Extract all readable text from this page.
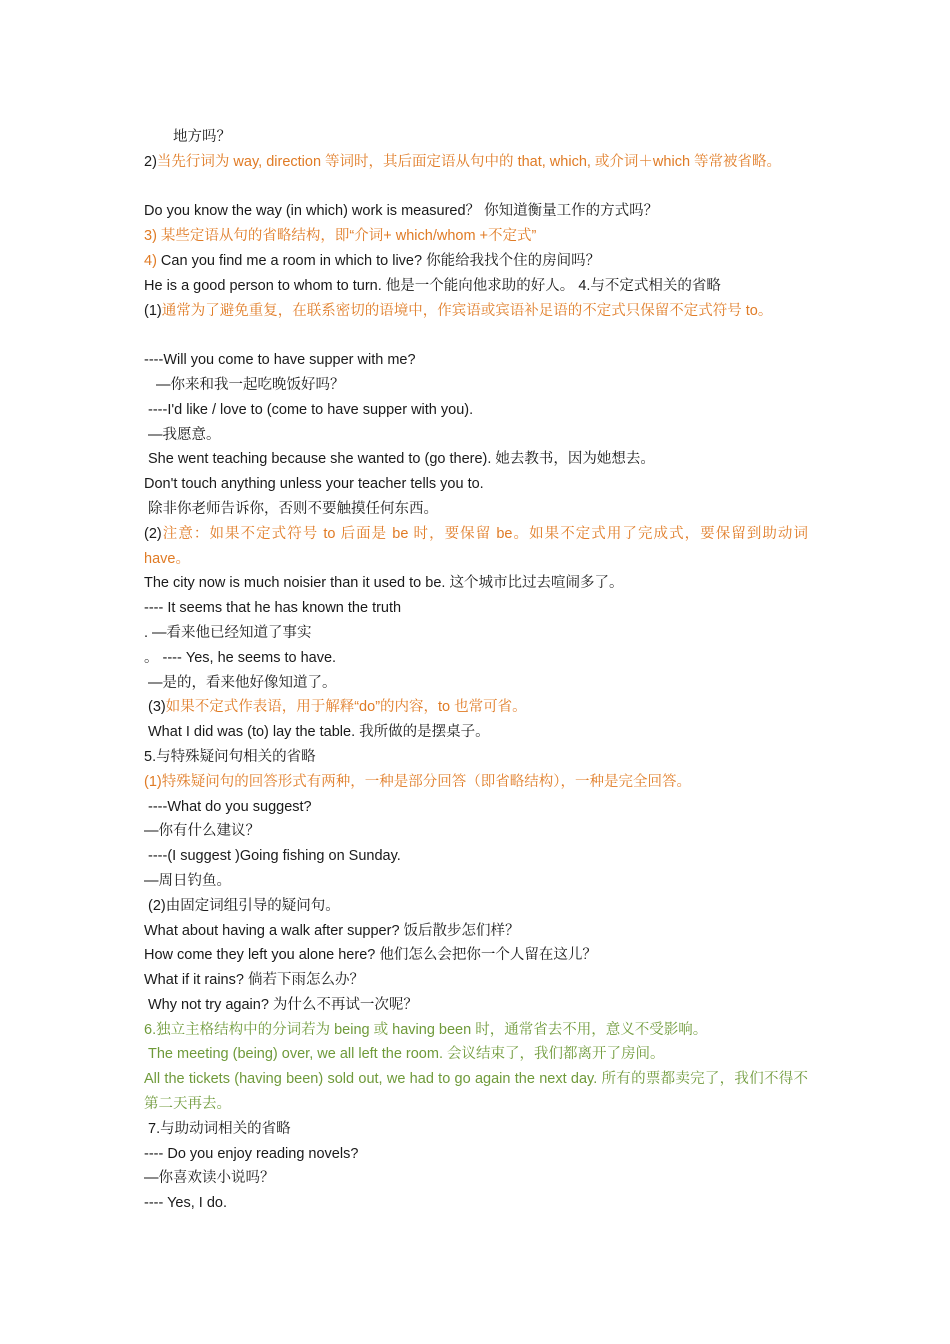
地方吗？
2)当先行词为 way, direction 等词时，其后面定语从句中的 that, which, 或介词＋which 等常被省略。
Do you know the way (in which) work is measured？ 你知道衡量工作的方式吗？
3) 某些定语从句的省略结构，即“介词+ which/whom +不定式”
4) Can you find me a room in which to live? 你能给我找个住的房间吗？
He is a good person to whom to turn. 他是一个能向他求助的好人。 4.与不定式相关的省略
(1)通常为了避免重复，在联系密切的语境中，作宾语或宾语补足语的不定式只保留不定式符号 to。
----Will you come to have supper with me?
—你来和我一起吃晚饭好吗？
----I'd like / love to (come to have supper with you).
—我愿意。
She went teaching because she wanted to (go there). 她去教书，因为她想去。
Don't touch anything unless your teacher tells you to.
除非你老师告诉你，否则不要触摸任何东西。
(2)注意：如果不定式符号 to 后面是 be 时，要保留 be。如果不定式用了完成式，要保留到助动词 have。
The city now is much noisier than it used to be. 这个城市比过去喧闹多了。
---- It seems that he has known the truth
. —看来他已经知道了事实
。 ---- Yes, he seems to have.
—是的，看来他好像知道了。
(3)如果不定式作表语，用于解释“do”的内容，to 也常可省。
What I did was (to) lay the table. 我所做的是摆桌子。
5.与特殊疑问句相关的省略
(1)特殊疑问句的回答形式有两种，一种是部分回答（即省略结构），一种是完全回答。
----What do you suggest?
—你有什么建议？
----(I suggest )Going fishing on Sunday.
—周日钓鱼。
(2)由固定词组引导的疑问句。
What about having a walk after supper? 饭后散步怎们样？
How come they left you alone here? 他们怎么会把你一个人留在这儿？
What if it rains? 倘若下雨怎么办？
Why not try again? 为什么不再试一次呢？
6.独立主格结构中的分词若为 being 或 having been 时，通常省去不用，意义不受影响。
The meeting (being) over, we all left the room. 会议结束了，我们都离开了房间。
All the tickets (having been) sold out, we had to go again the next day. 所有的票都卖完了，我们不得不第二天再去。
7.与助动词相关的省略
---- Do you enjoy reading novels?
—你喜欢读小说吗？
---- Yes, I do.
